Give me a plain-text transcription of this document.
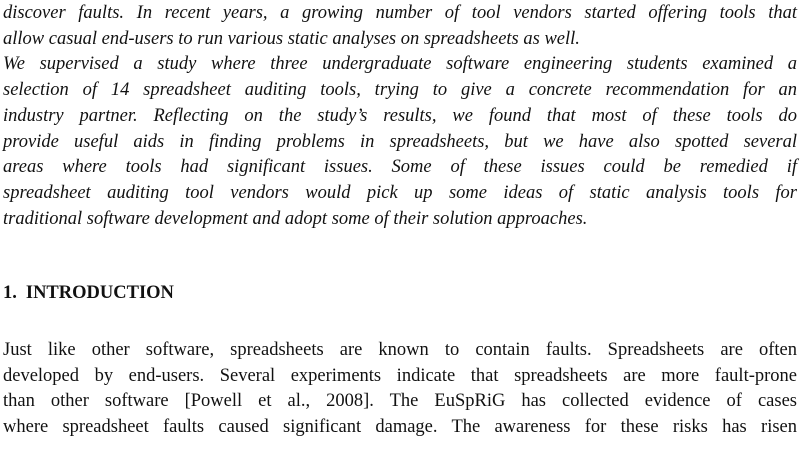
discover faults. In recent years, a growing number of tool vendors started offering tools that
allow casual end-users to run various static analyses on spreadsheets as well.
We supervised a study where three undergraduate software engineering students examined a
selection of 14 spreadsheet auditing tools, trying to give a concrete recommendation for an
industry partner. Reflecting on the study’s results, we found that most of these tools do
provide useful aids in finding problems in spreadsheets, but we have also spotted several
areas where tools had significant issues. Some of these issues could be remedied if
spreadsheet auditing tool vendors would pick up some ideas of static analysis tools for
traditional software development and adopt some of their solution approaches.
1. INTRODUCTION
Just like other software, spreadsheets are known to contain faults. Spreadsheets are often
developed by end-users. Several experiments indicate that spreadsheets are more fault-prone
than other software [Powell et al., 2008]. The EuSpRiG has collected evidence of cases
where spreadsheet faults caused significant damage. The awareness for these risks has risen
